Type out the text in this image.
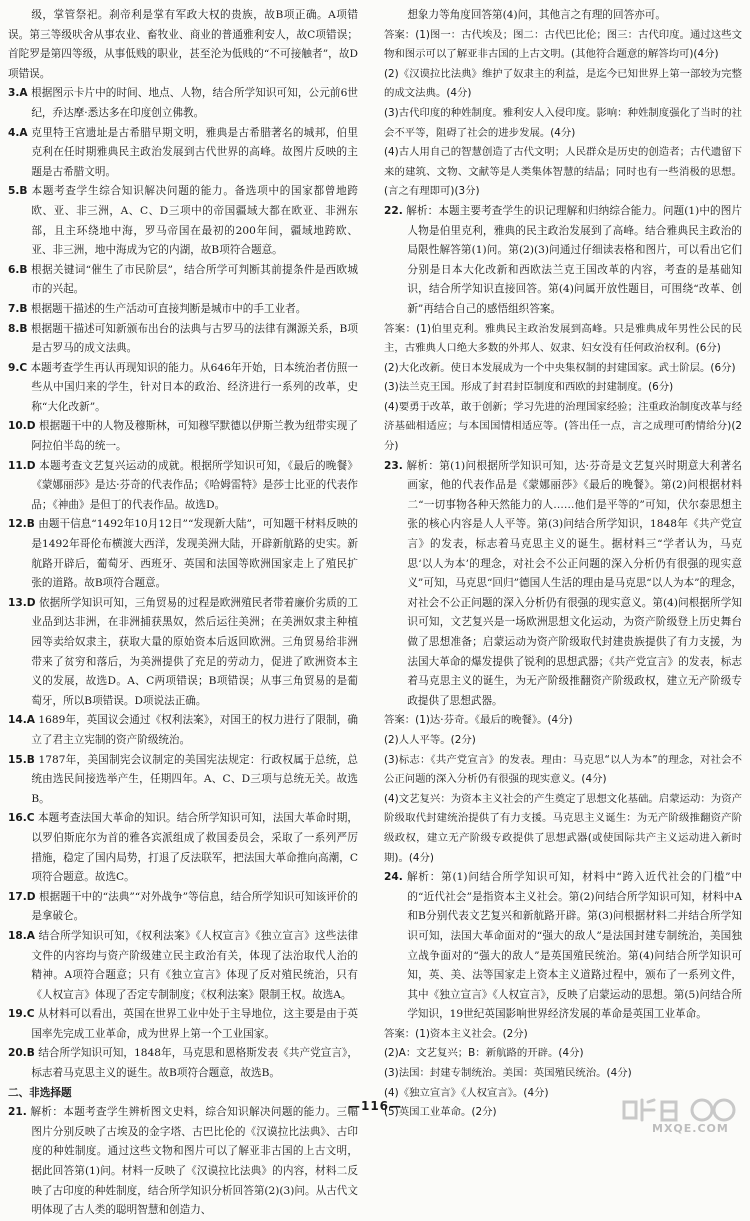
级，掌管祭祀。刹帝利是掌有军政大权的贵族，故B项正确。A项错误。第三等级吠舍从事农业、畜牧业、商业的普通雅利安人，故C项错误；首陀罗是第四等级，从事低贱的职业，甚至沦为低贱的“不可接触者”，故D项错误。

3.A 根据图示卡片中的时间、地点、人物，结合所学知识可知，公元前6世纪，乔达摩·悉达多在印度创立佛教。

4.A 克里特王宫遗址是古希腊早期文明，雅典是古希腊著名的城邦，伯里克利在任时期雅典民主政治发展到古代世界的高峰。故图片反映的主题是古希腊文明。

5.B 本题考查学生综合知识解决问题的能力。备选项中的国家都曾地跨欧、亚、非三洲，A、C、D三项中的帝国疆域大都在欧亚、非洲东部，且主环绕地中海，罗马帝国在最初的200年间，疆域地跨欧、亚、非三洲，地中海成为它的内湖，故B项符合题意。

6.B 根据关键词“催生了市民阶层”，结合所学可判断其前提条件是西欧城市的兴起。

7.B 根据题干描述的生产活动可直接判断是城市中的手工业者。

8.B 根据题干描述可知新颁布出台的法典与古罗马的法律有渊源关系，B项是古罗马的成文法典。

9.C 本题考查学生再认再现知识的能力。从646年开始，日本统治者仿照一些从中国归来的学生，针对日本的政治、经济进行一系列的改革，史称“大化改新”。

10.D 根据题干中的人物及穆斯林，可知穆罕默德以伊斯兰教为纽带实现了阿拉伯半岛的统一。

11.D 本题考查文艺复兴运动的成就。根据所学知识可知，《最后的晚餐》《蒙娜丽莎》是达·芬奇的代表作品；《哈姆雷特》是莎士比亚的代表作品；《神曲》是但丁的代表作品。故选D。

12.B 由题干信息“1492年10月12日”“发现新大陆”，可知题干材料反映的是1492年哥伦布横渡大西洋，发现美洲大陆，开辟新航路的史实。新航路开辟后，葡萄牙、西班牙、英国和法国等欧洲国家走上了殖民扩张的道路。故B项符合题意。

13.D 依据所学知识可知，三角贸易的过程是欧洲殖民者带着廉价劣质的工业品到达非洲，在非洲捕获黑奴，然后运往美洲；在美洲奴隶主种植园等卖给奴隶主，获取大量的原始资本后返回欧洲。三角贸易给非洲带来了贫穷和落后，为美洲提供了充足的劳动力，促进了欧洲资本主义的发展，故选D。A、C两项错误；B项错误；从事三角贸易的是葡萄牙，所以B项错误。D项说法正确。

14.A 1689年，英国议会通过《权利法案》，对国王的权力进行了限制，确立了君主立宪制的资产阶级统治。

15.B 1787年，美国制宪会议制定的美国宪法规定：行政权属于总统，总统由选民间接选举产生，任期四年。A、C、D三项与总统无关。故选B。

16.C 本题考查法国大革命的知识。结合所学知识可知，法国大革命时期，以罗伯斯庇尔为首的雅各宾派组成了救国委员会，采取了一系列严厉措施，稳定了国内局势，打退了反法联军，把法国大革命推向高潮，C项符合题意。故选C。

17.D 根据题干中的“法典”“对外战争”等信息，结合所学知识可知该评价的是拿破仑。

18.A 结合所学知识可知，《权利法案》《人权宣言》《独立宣言》这些法律文件的内容均与资产阶级建立民主政治有关，体现了法治取代人治的精神。A项符合题意；只有《独立宣言》体现了反对殖民统治，只有《人权宣言》体现了否定专制制度；《权利法案》限制王权。故选A。

19.C 从材料可以看出，英国在世界工业中处于主导地位，这主要是由于英国率先完成工业革命，成为世界上第一个工业国家。

20.B 结合所学知识可知，1848年，马克思和恩格斯发表《共产党宣言》，标志着马克思主义的诞生。故B项符合题意，故选B。

二、非选择题

21. 解析：本题考查学生辨析图文史料，综合知识解决问题的能力。三幅图片分别反映了古埃及的金字塔、古巴比伦的《汉谟拉比法典》、古印度的种姓制度。通过这些文物和图片可以了解亚非古国的上古文明，据此回答第(1)问。材料一反映了《汉谟拉比法典》的内容，材料二反映了古印度的种姓制度，结合所学知识分析回答第(2)(3)问。从古代文明体现了古人类的聪明智慧和创造力、

想象力等角度回答第(4)问，其他言之有理的回答亦可。

答案：(1)图一：古代埃及；图二：古代巴比伦；图三：古代印度。通过这些文物和图示可以了解亚非古国的上古文明。(其他符合题意的解答均可)(4分)

(2)《汉谟拉比法典》维护了奴隶主的利益，是迄今已知世界上第一部较为完整的成文法典。(4分)

(3)古代印度的种姓制度。雅利安人入侵印度。影响：种姓制度强化了当时的社会不平等，阻碍了社会的进步发展。(4分)

(4)古人用自己的智慧创造了古代文明；人民群众是历史的创造者；古代遗留下来的建筑、文物、文献等是人类集体智慧的结晶；同时也有一些消极的思想。(言之有理即可)(3分)

22. 解析：本题主要考查学生的识记理解和归纳综合能力。问题(1)中的图片人物是伯里克利，雅典的民主政治发展到了高峰。结合雅典民主政治的局限性解答第(1)问。第(2)(3)问通过仔细读表格和图片，可以看出它们分别是日本大化改新和西欧法兰克王国改革的内容，考查的是基础知识，结合所学知识直接回答。第(4)问属开放性题目，可围绕“改革、创新”再结合自己的感悟组织答案。

答案：(1)伯里克利。雅典民主政治发展到高峰。只是雅典成年男性公民的民主，古雅典人口绝大多数的外邦人、奴隶、妇女没有任何政治权利。(6分)

(2)大化改新。使日本发展成为一个中央集权制的封建国家。武士阶层。(6分)

(3)法兰克王国。形成了封君封臣制度和西欧的封建制度。(6分)

(4)要勇于改革，敢于创新；学习先进的治理国家经验；注重政治制度改革与经济基础相适应；与本国国情相适应等。(答出任一点，言之成理可酌情给分)(2分)

23. 解析：第(1)问根据所学知识可知，达·芬奇是文艺复兴时期意大利著名画家，他的代表作品是《蒙娜丽莎》《最后的晚餐》。第(2)问根据材料二“一切事物各种天然能力的人……他们是平等的”可知，伏尔泰思想主张的核心内容是人人平等。第(3)问结合所学知识，1848年《共产党宣言》的发表，标志着马克思主义的诞生。据材料三“学者认为，马克思‘以人为本’的理念，对社会不公正问题的深入分析仍有很强的现实意义”可知，马克思“回归”德国人生活的理由是马克思“以人为本”的理念，对社会不公正问题的深入分析仍有很强的现实意义。第(4)问根据所学知识可知，文艺复兴是一场欧洲思想文化运动，为资产阶级登上历史舞台做了思想准备；启蒙运动为资产阶级取代封建贵族提供了有力支援，为法国大革命的爆发提供了锐利的思想武器；《共产党宣言》的发表，标志着马克思主义的诞生，为无产阶级推翻资产阶级政权，建立无产阶级专政提供了思想武器。

答案：(1)达·芬奇。《最后的晚餐》。(4分)

(2)人人平等。(2分)

(3)标志：《共产党宣言》的发表。理由：马克思“以人为本”的理念，对社会不公正问题的深入分析仍有很强的现实意义。(4分)

(4)文艺复兴：为资本主义社会的产生奠定了思想文化基础。启蒙运动：为资产阶级取代封建统治提供了有力支援。马克思主义诞生：为无产阶级推翻资产阶级政权，建立无产阶级专政提供了思想武器(或使国际共产主义运动进入新时期)。(4分)

24. 解析：第(1)问结合所学知识可知，材料中“跨入近代社会的门槛”中的“近代社会”是指资本主义社会。第(2)问结合所学知识可知，材料中A和B分别代表文艺复兴和新航路开辟。第(3)问根据材料二并结合所学知识可知，法国大革命面对的“强大的敌人”是法国封建专制统治，美国独立战争面对的“强大的敌人”是英国殖民统治。第(4)问结合所学知识可知，英、美、法等国家走上资本主义道路过程中，颁布了一系列文件，其中《独立宣言》《人权宣言》，反映了启蒙运动的思想。第(5)问结合所学知识，19世纪英国影响世界经济发展的革命是英国工业革命。

答案：(1)资本主义社会。(2分)

(2)A：文艺复兴；B：新航路的开辟。(4分)

(3)法国：封建专制统治。美国：英国殖民统治。(4分)

(4)《独立宣言》《人权宣言》。(4分)

(5)英国工业革命。(2分)

—116—
MXQE.COM
